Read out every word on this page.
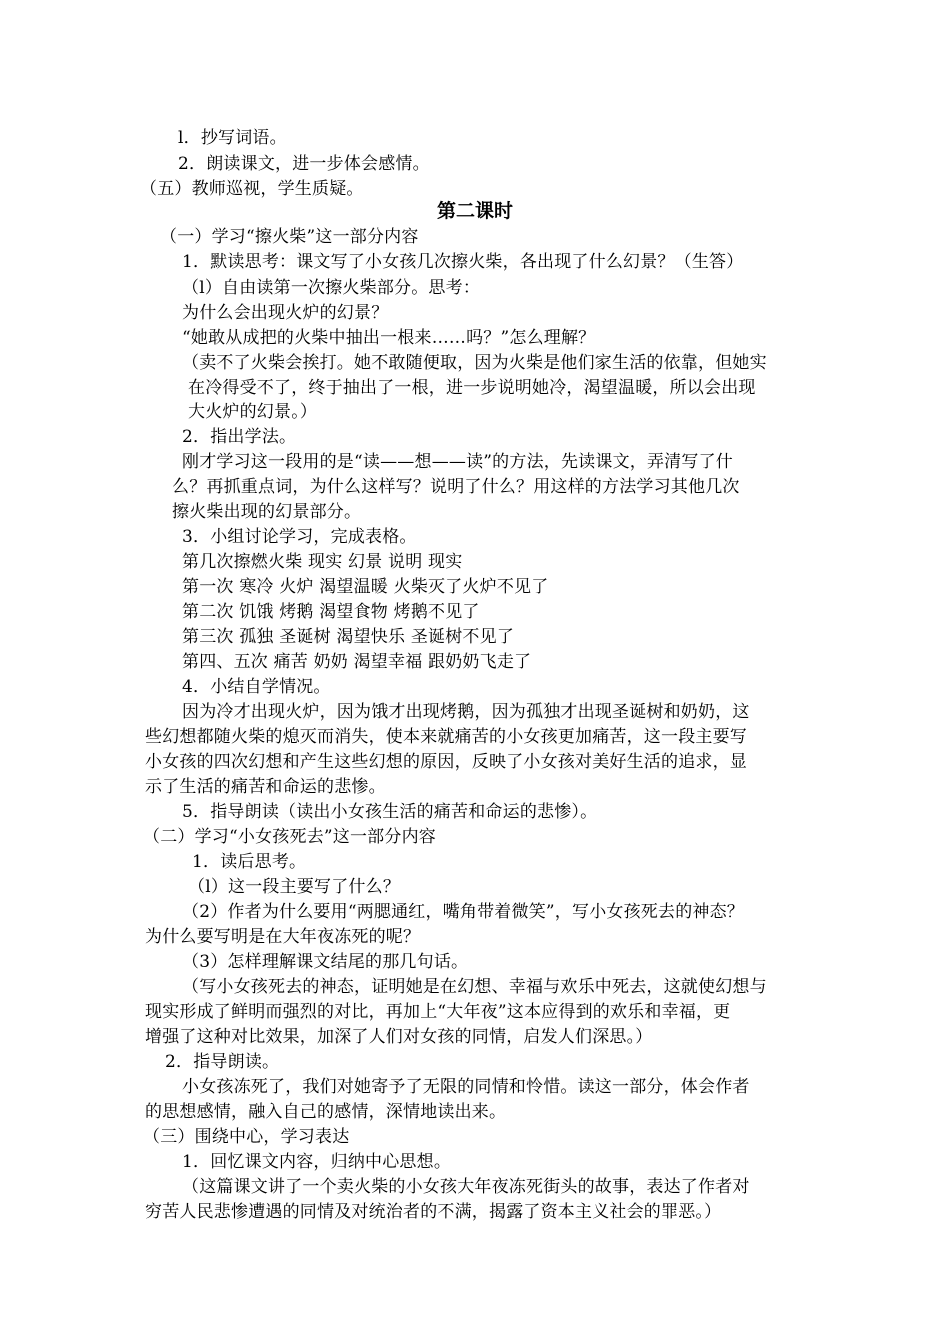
l．抄写词语。
2．朗读课文，进一步体会感情。
（五）教师巡视，学生质疑。
第二课时
（一）学习“擦火柴”这一部分内容
1．默读思考：课文写了小女孩几次擦火柴，各出现了什么幻景？（生答）
（l）自由读第一次擦火柴部分。思考：
为什么会出现火炉的幻景？
“她敢从成把的火柴中抽出一根来……吗？”怎么理解？
（卖不了火柴会挨打。她不敢随便取，因为火柴是他们家生活的依靠，但她实
在冷得受不了，终于抽出了一根，进一步说明她冷，渴望温暖，所以会出现
大火炉的幻景。）
2．指出学法。
刚才学习这一段用的是“读——想——读”的方法，先读课文，弄清写了什
么？再抓重点词，为什么这样写？说明了什么？用这样的方法学习其他几次
擦火柴出现的幻景部分。
3．小组讨论学习，完成表格。
第几次擦燃火柴 现实 幻景 说明 现实
第一次 寒冷 火炉 渴望温暖 火柴灭了火炉不见了
第二次 饥饿 烤鹅 渴望食物 烤鹅不见了
第三次 孤独 圣诞树 渴望快乐 圣诞树不见了
第四、五次 痛苦 奶奶 渴望幸福 跟奶奶飞走了
4．小结自学情况。
因为冷才出现火炉，因为饿才出现烤鹅，因为孤独才出现圣诞树和奶奶，这
些幻想都随火柴的熄灭而消失，使本来就痛苦的小女孩更加痛苦，这一段主要写
小女孩的四次幻想和产生这些幻想的原因，反映了小女孩对美好生活的追求，显
示了生活的痛苦和命运的悲惨。
5．指导朗读（读出小女孩生活的痛苦和命运的悲惨）。
（二）学习“小女孩死去”这一部分内容
1．读后思考。
（l）这一段主要写了什么？
（2）作者为什么要用“两腮通红，嘴角带着微笑”，写小女孩死去的神态？
为什么要写明是在大年夜冻死的呢？
（3）怎样理解课文结尾的那几句话。
（写小女孩死去的神态，证明她是在幻想、幸福与欢乐中死去，这就使幻想与
现实形成了鲜明而强烈的对比，再加上“大年夜”这本应得到的欢乐和幸福，更
增强了这种对比效果，加深了人们对女孩的同情，启发人们深思。）
2．指导朗读。
小女孩冻死了，我们对她寄予了无限的同情和怜惜。读这一部分，体会作者
的思想感情，融入自己的感情，深情地读出来。
（三）围绕中心，学习表达
1．回忆课文内容，归纳中心思想。
（这篇课文讲了一个卖火柴的小女孩大年夜冻死街头的故事，表达了作者对
穷苦人民悲惨遭遇的同情及对统治者的不满，揭露了资本主义社会的罪恶。）
